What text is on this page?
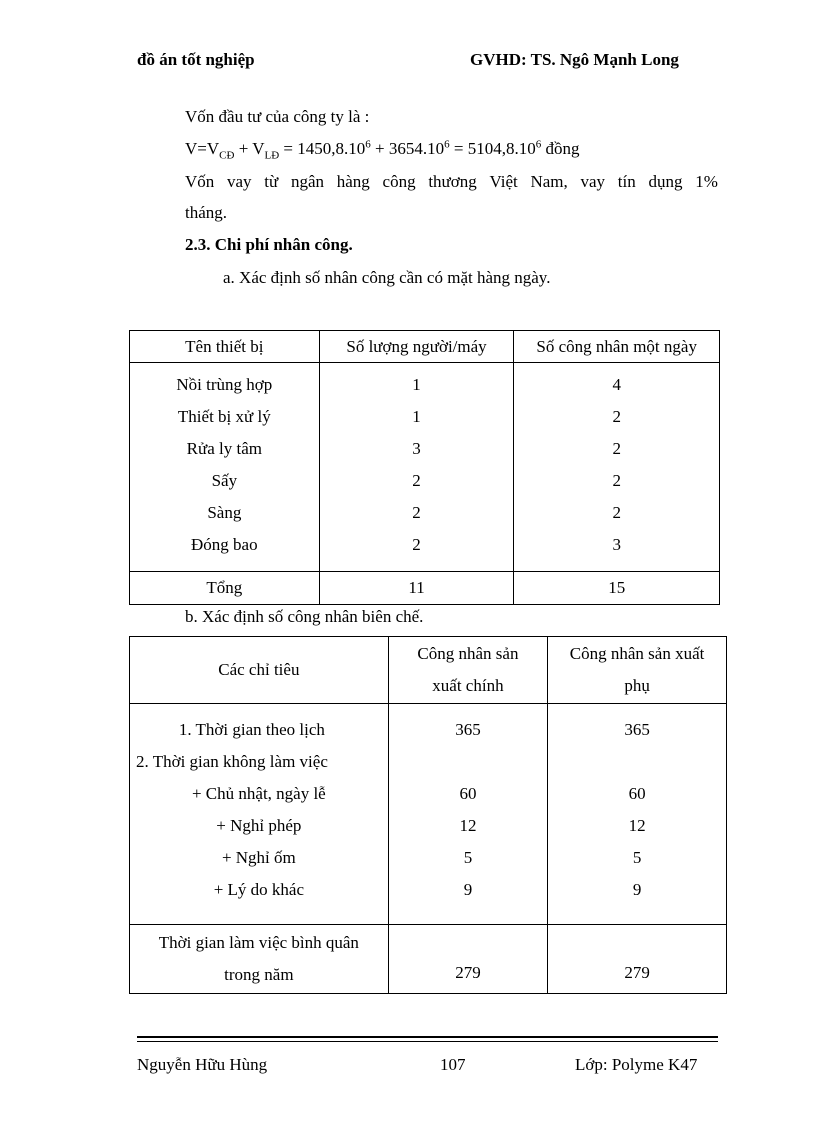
đồ án tốt nghiệp	GVHD: TS. Ngô Mạnh Long
Vốn đầu tư của công ty là :
$V=V_{CĐ} + V_{LĐ} = 1450,8.10^6 + 3654.10^6 = 5104,8.10^6$ đồng
Vốn vay từ ngân hàng công thương Việt Nam, vay tín dụng 1%
tháng.
2.3. Chi phí nhân công.
a. Xác định số nhân công cần có mặt hàng ngày.
Tên thiết bị	Số lượng người/máy	Số công nhân một ngày
Nồi trùng hợp	1	4
Thiết bị xử lý	1	2
Rửa ly tâm	3	2
Sấy	2	2
Sàng	2	2
Đóng bao	2	3
Tổng	11	15
b. Xác định số công nhân biên chế.
Các chỉ tiêu	Công nhân sản xuất chính	Công nhân sản xuất phụ

1. Thời gian theo lịch	365	365
2. Thời gian không làm việc		
+ Chủ nhật, ngày lễ	60	60
+ Nghỉ phép	12	12
+ Nghỉ ốm	5	5
+ Lý do khác	9	9

Thời gian làm việc bình quân trong năm	279	279
Nguyễn Hữu Hùng	107	Lớp: Polyme K47
